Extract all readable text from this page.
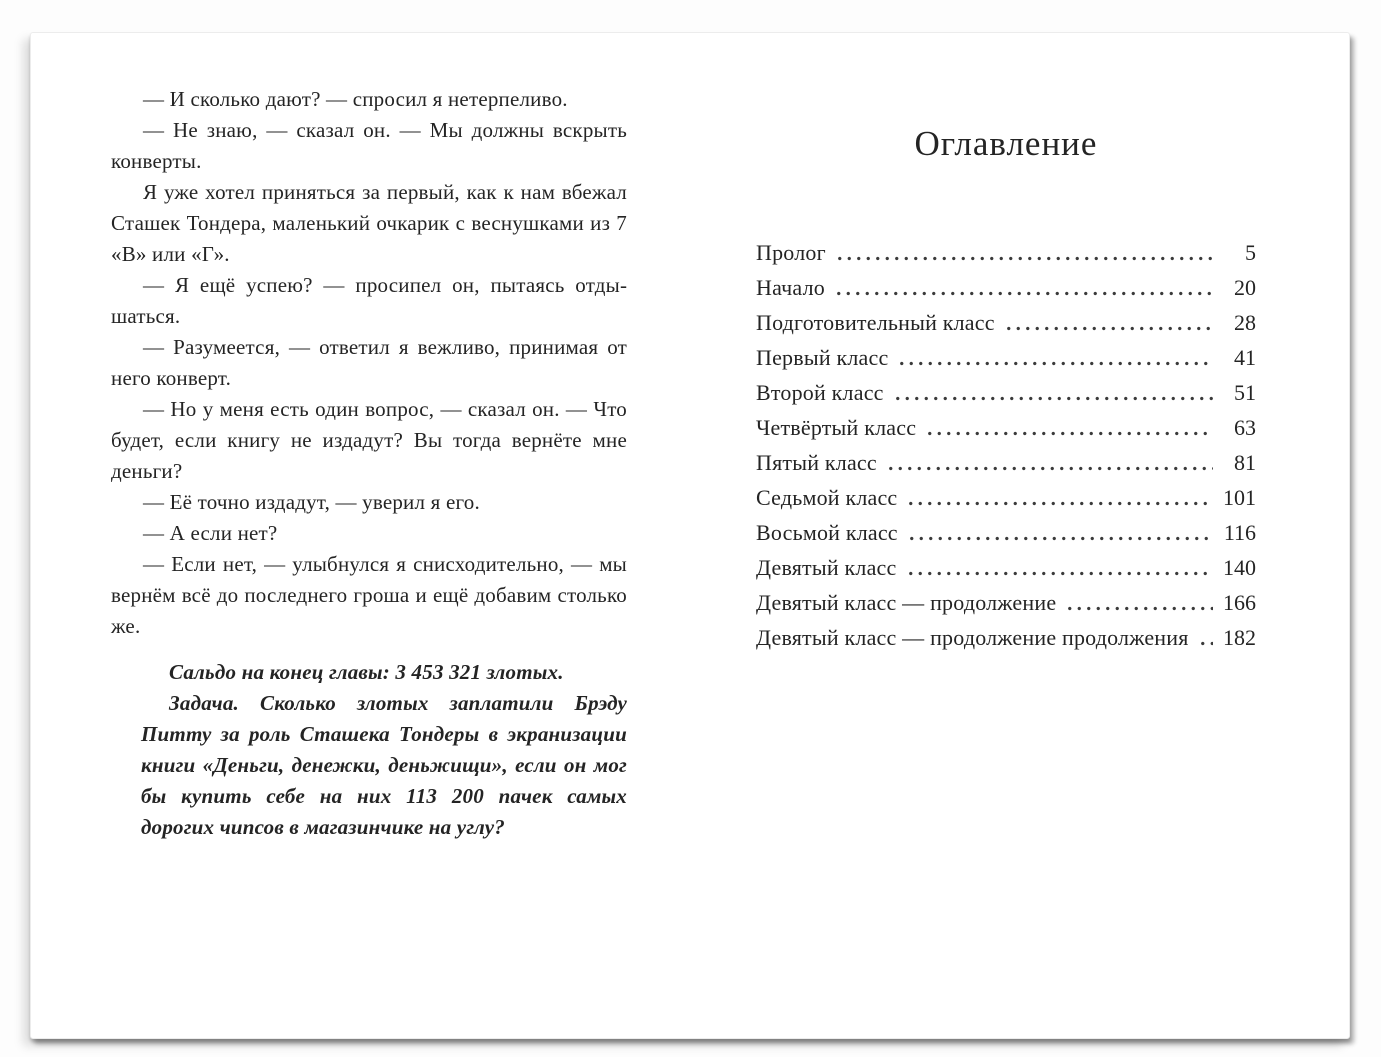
— И сколько дают? — спросил я нетерпеливо.

— Не знаю, — сказал он. — Мы должны вскрыть конверты.

Я уже хотел приняться за первый, как к нам вбежал Сташек Тондера, маленький очкарик с веснушками из 7 «В» или «Г».

— Я ещё успею? — просипел он, пытаясь отдышаться.

— Разумеется, — ответил я вежливо, принимая от него конверт.

— Но у меня есть один вопрос, — сказал он. — Что будет, если книгу не издадут? Вы тогда вернёте мне деньги?

— Её точно издадут, — уверил я его.

— А если нет?

— Если нет, — улыбнулся я снисходительно, — мы вернём всё до последнего гроша и ещё добавим столько же.

Сальдо на конец главы: 3 453 321 злотых.

Задача. Сколько злотых заплатили Брэду Питту за роль Сташека Тондеры в экранизации книги «Деньги, денежки, деньжищи», если он мог бы купить себе на них 113 200 пачек самых дорогих чипсов в магазинчике на углу?

Оглавление
Пролог	5
Начало	20
Подготовительный класс	28
Первый класс	41
Второй класс	51
Четвёртый класс	63
Пятый класс	81
Седьмой класс	101
Восьмой класс	116
Девятый класс	140
Девятый класс — продолжение	166
Девятый класс — продолжение продолжения	182
